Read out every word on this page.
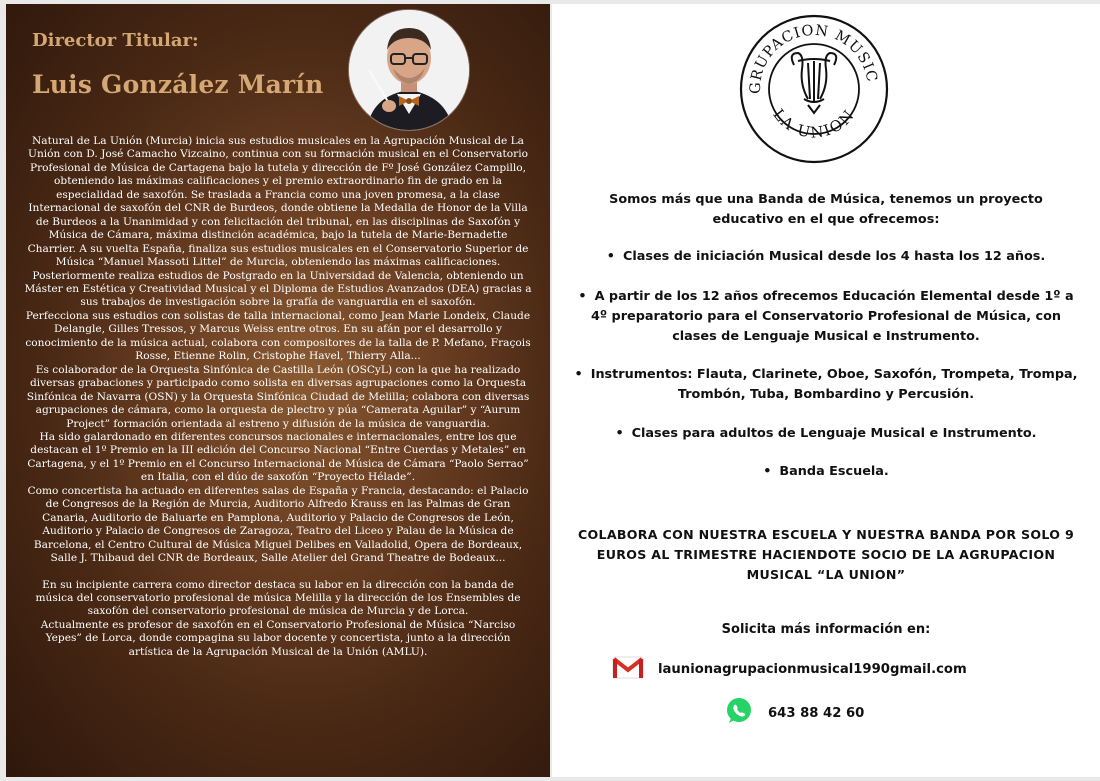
Director Titular:
Luis González Marín

Natural de La Unión (Murcia) inicia sus estudios musicales en la Agrupación Musical de La Unión con D. José Camacho Vizcaino, continua con su formación musical en el Conservatorio Profesional de Música de Cartagena bajo la tutela y dirección de Fº José González Campillo, obteniendo las máximas calificaciones y el premio extraordinario fin de grado en la especialidad de saxofón. Se traslada a Francia como una joven promesa, a la clase Internacional de saxofón del CNR de Burdeos, donde obtiene la Medalla de Honor de la Villa de Burdeos a la Unanimidad y con felicitación del tribunal, en las disciplinas de Saxofón y Música de Cámara, máxima distinción académica, bajo la tutela de Marie-Bernadette Charrier. A su vuelta España, finaliza sus estudios musicales en el Conservatorio Superior de Música “Manuel Massoti Littel” de Murcia, obteniendo las máximas calificaciones. Posteriormente realiza estudios de Postgrado en la Universidad de Valencia, obteniendo un Máster en Estética y Creatividad Musical y el Diploma de Estudios Avanzados (DEA) gracias a sus trabajos de investigación sobre la grafía de vanguardia en el saxofón.

Perfecciona sus estudios con solistas de talla internacional, como Jean Marie Londeix, Claude Delangle, Gilles Tressos, y Marcus Weiss entre otros. En su afán por el desarrollo y conocimiento de la música actual, colabora con compositores de la talla de P. Mefano, Fraçois Rosse, Etienne Rolin, Cristophe Havel, Thierry Alla...

Es colaborador de la Orquesta Sinfónica de Castilla León (OSCyL) con la que ha realizado diversas grabaciones y participado como solista en diversas agrupaciones como la Orquesta Sinfónica de Navarra (OSN) y la Orquesta Sinfónica Ciudad de Melilla; colabora con diversas agrupaciones de cámara, como la orquesta de plectro y púa “Camerata Aguilar” y “Aurum Project” formación orientada al estreno y difusión de la música de vanguardia.

Ha sido galardonado en diferentes concursos nacionales e internacionales, entre los que destacan el 1º Premio en la III edición del Concurso Nacional “Entre Cuerdas y Metales” en Cartagena, y el 1º Premio en el Concurso Internacional de Música de Cámara “Paolo Serrao” en Italia, con el dúo de saxofón “Proyecto Hélade”.

Como concertista ha actuado en diferentes salas de España y Francia, destacando: el Palacio de Congresos de la Región de Murcia, Auditorio Alfredo Krauss en las Palmas de Gran Canaria, Auditorio de Baluarte en Pamplona, Auditorio y Palacio de Congresos de León, Auditorio y Palacio de Congresos de Zaragoza, Teatro del Liceo y Palau de la Música de Barcelona, el Centro Cultural de Música Miguel Delibes en Valladolid, Opera de Bordeaux, Salle J. Thibaud del CNR de Bordeaux, Salle Atelier del Grand Theatre de Bodeaux...

En su incipiente carrera como director destaca su labor en la dirección con la banda de música del conservatorio profesional de música Melilla y la dirección de los Ensembles de saxofón del conservatorio profesional de música de Murcia y de Lorca.

Actualmente es profesor de saxofón en el Conservatorio Profesional de Música “Narciso Yepes” de Lorca, donde compagina su labor docente y concertista, junto a la dirección artística de la Agrupación Musical de la Unión (AMLU).

GRUPACION MUSIC
LA UNION
Somos más que una Banda de Música, tenemos un proyecto educativo en el que ofrecemos:
• Clases de iniciación Musical desde los 4 hasta los 12 años.
• A partir de los 12 años ofrecemos Educación Elemental desde 1º a 4º preparatorio para el Conservatorio Profesional de Música, con clases de Lenguaje Musical e Instrumento.
• Instrumentos: Flauta, Clarinete, Oboe, Saxofón, Trompeta, Trompa, Trombón, Tuba, Bombardino y Percusión.
• Clases para adultos de Lenguaje Musical e Instrumento.
• Banda Escuela.
COLABORA CON NUESTRA ESCUELA Y NUESTRA BANDA POR SOLO 9 EUROS AL TRIMESTRE HACIENDOTE SOCIO DE LA AGRUPACION MUSICAL “LA UNION”
Solicita más información en:
launionagrupacionmusical1990gmail.com
643 88 42 60
